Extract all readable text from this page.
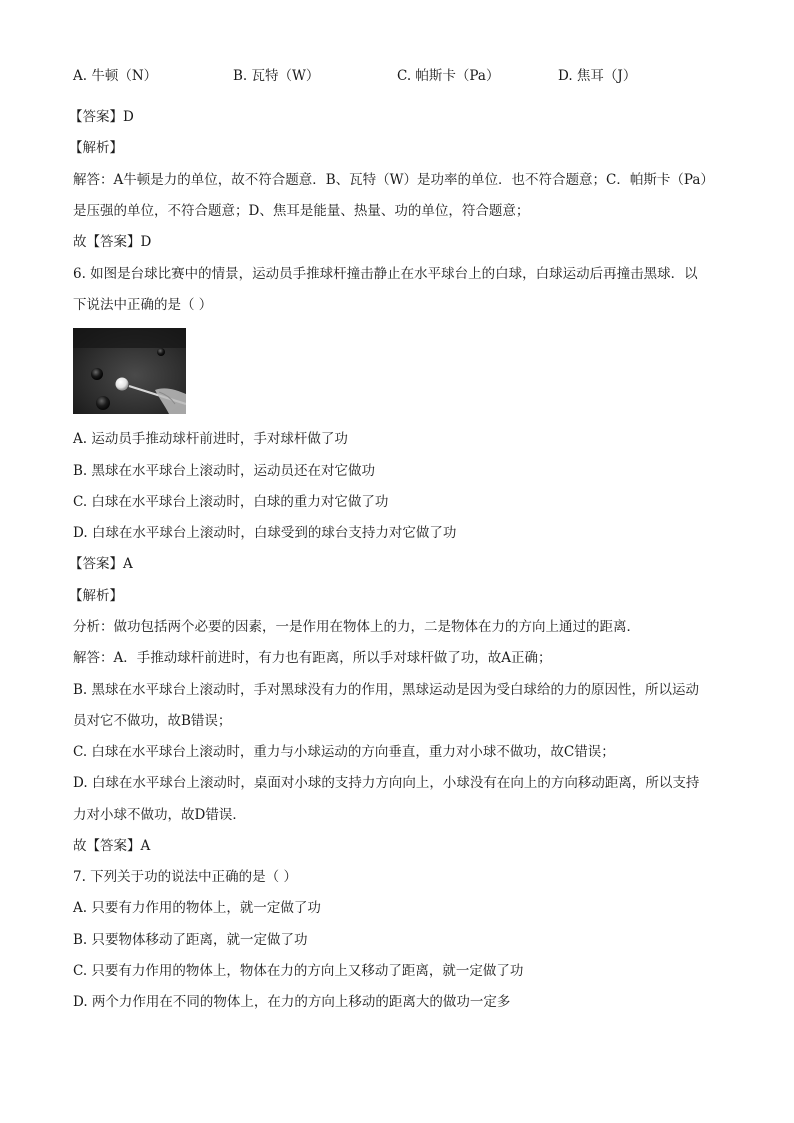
A. 牛顿（N）	B. 瓦特（W）	C. 帕斯卡（Pa）	D. 焦耳（J）
【答案】D
【解析】
解答：A牛顿是力的单位，故不符合题意．B、瓦特（W）是功率的单位．也不符合题意；C．帕斯卡（Pa）
是压强的单位，不符合题意；D、焦耳是能量、热量、功的单位，符合题意；
故【答案】D
6. 如图是台球比赛中的情景，运动员手推球杆撞击静止在水平球台上的白球，白球运动后再撞击黑球．以
下说法中正确的是（ ）
A. 运动员手推动球杆前进时，手对球杆做了功
B. 黑球在水平球台上滚动时，运动员还在对它做功
C. 白球在水平球台上滚动时，白球的重力对它做了功
D. 白球在水平球台上滚动时，白球受到的球台支持力对它做了功
【答案】A
【解析】
分析：做功包括两个必要的因素，一是作用在物体上的力，二是物体在力的方向上通过的距离．
解答：A．手推动球杆前进时，有力也有距离，所以手对球杆做了功，故A正确；
B. 黑球在水平球台上滚动时，手对黑球没有力的作用，黑球运动是因为受白球给的力的原因性，所以运动
员对它不做功，故B错误；
C. 白球在水平球台上滚动时，重力与小球运动的方向垂直，重力对小球不做功，故C错误；
D. 白球在水平球台上滚动时，桌面对小球的支持力方向向上，小球没有在向上的方向移动距离，所以支持
力对小球不做功，故D错误．
故【答案】A
7. 下列关于功的说法中正确的是（ ）
A. 只要有力作用的物体上，就一定做了功
B. 只要物体移动了距离，就一定做了功
C. 只要有力作用的物体上，物体在力的方向上又移动了距离，就一定做了功
D. 两个力作用在不同的物体上，在力的方向上移动的距离大的做功一定多
